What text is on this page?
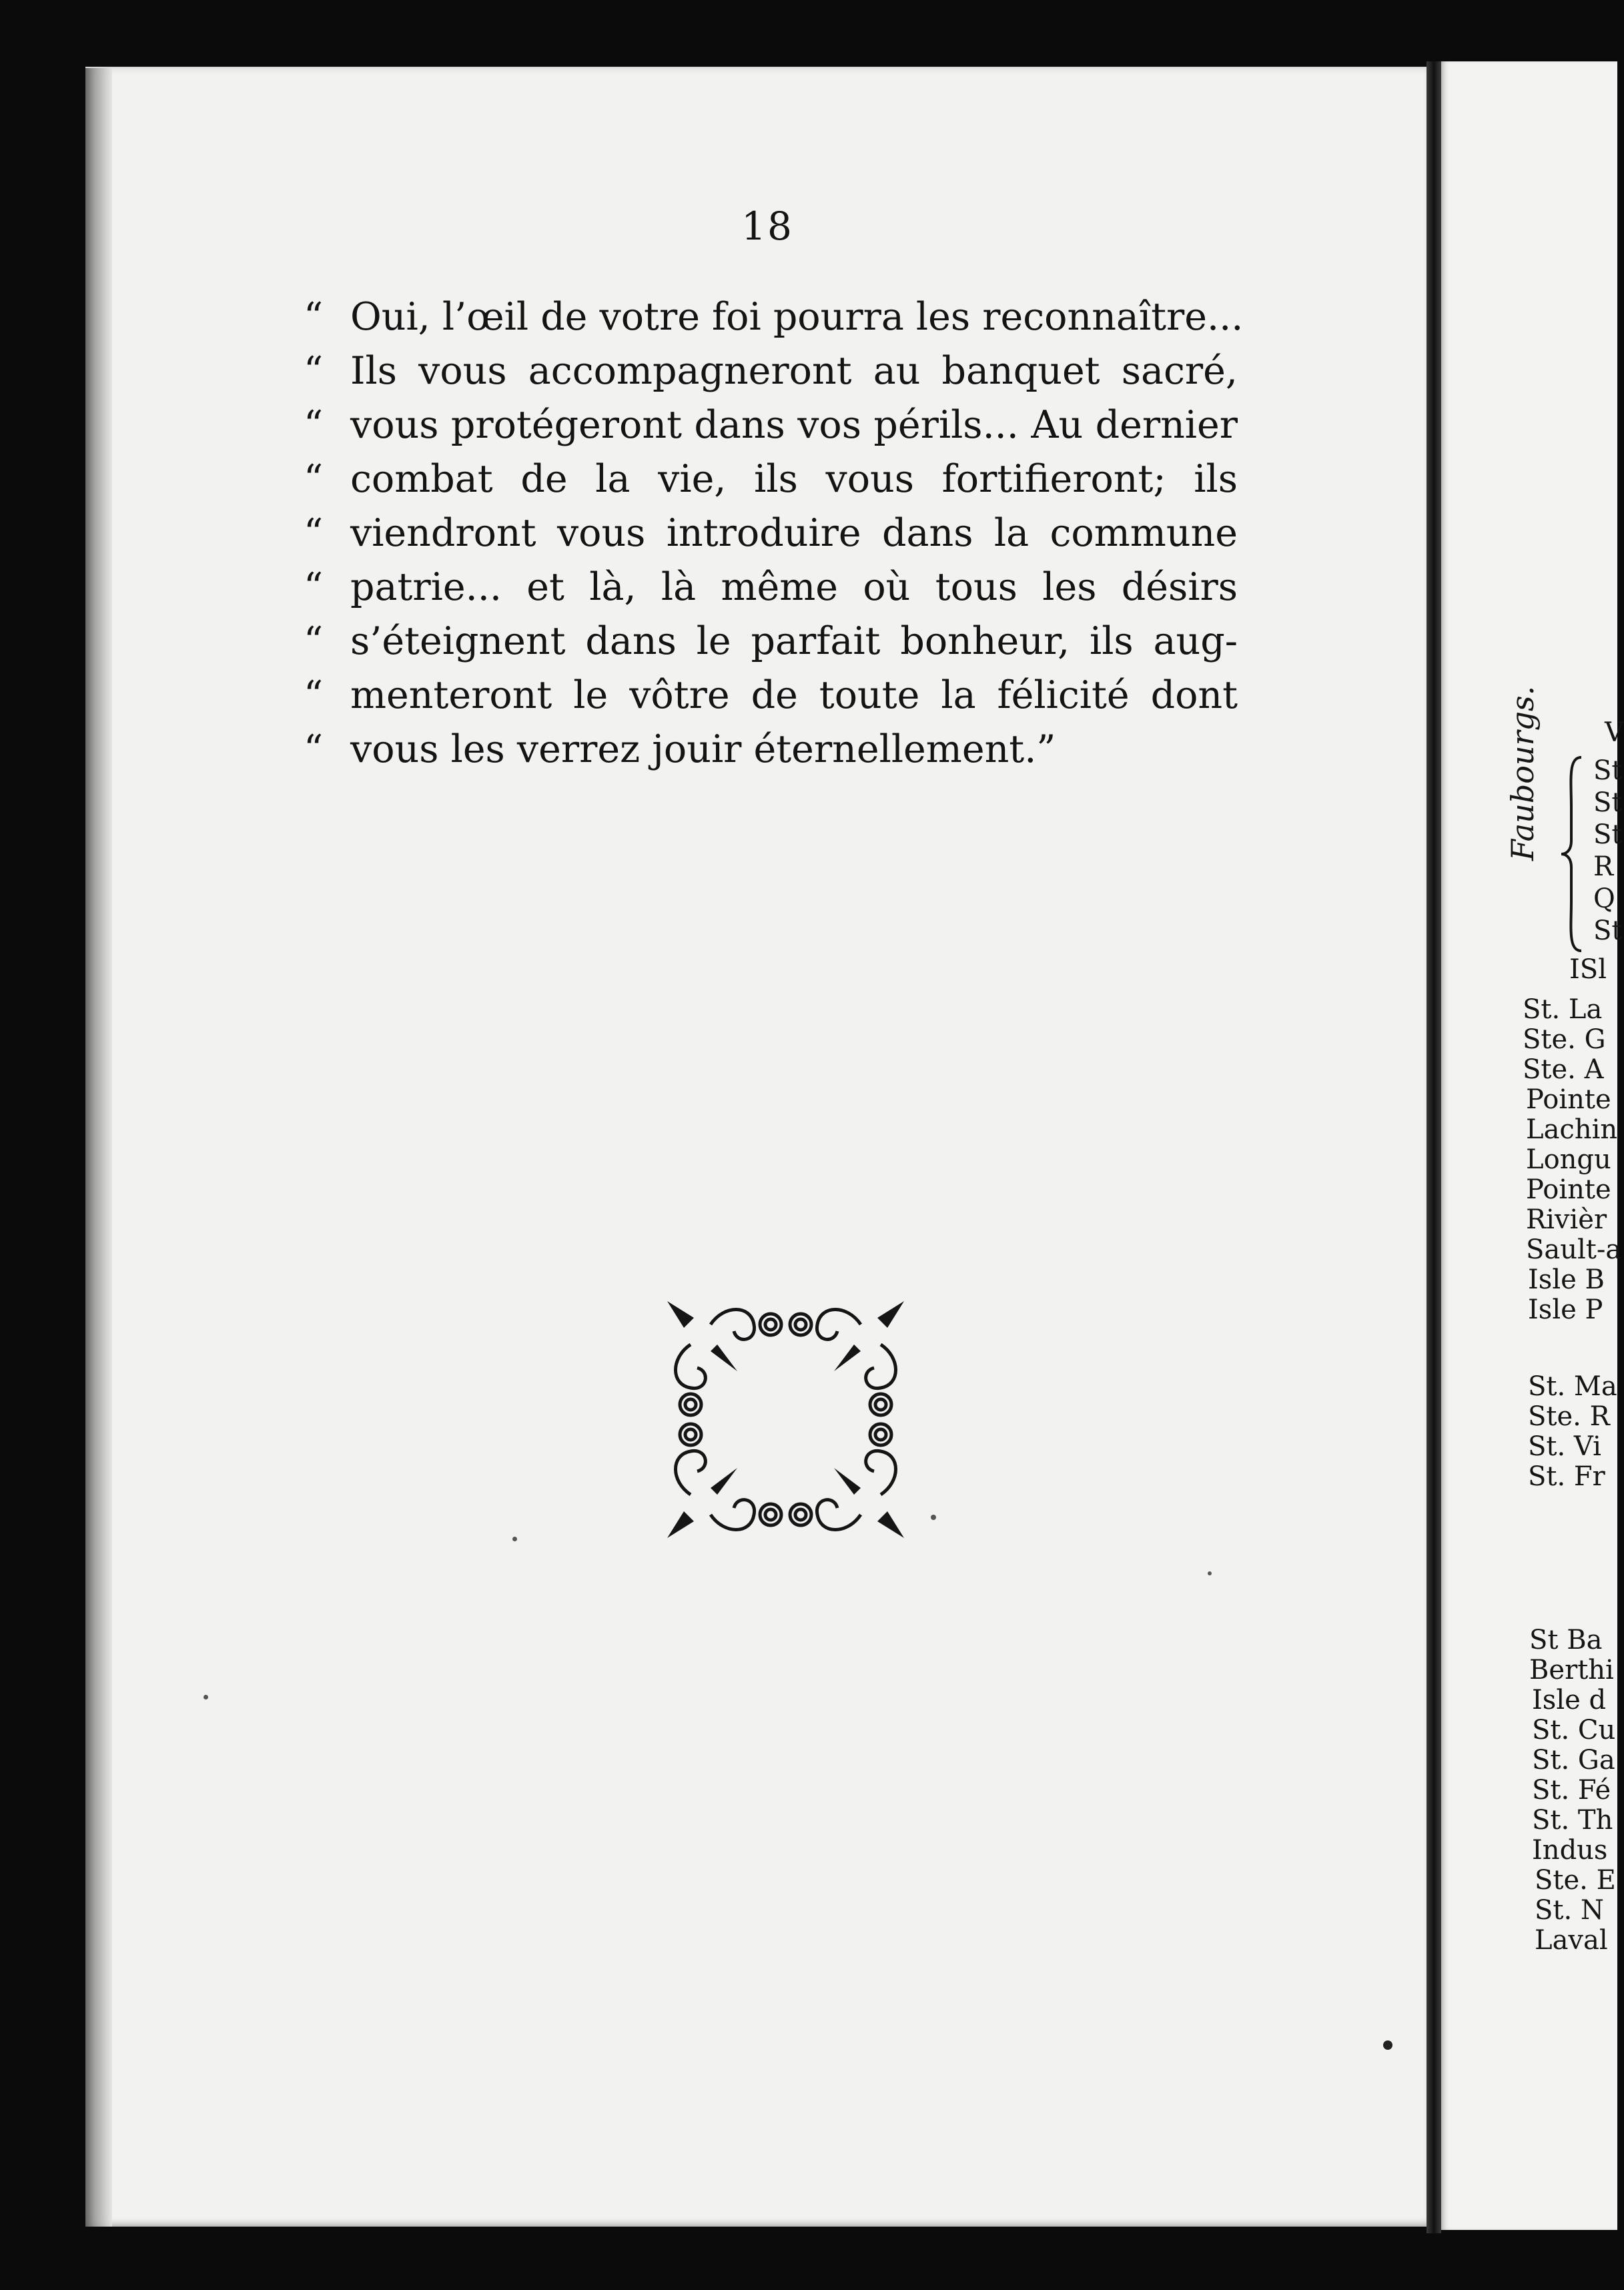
18
“ Oui, l’œil de votre foi pourra les reconnaître...
“ Ils vous accompagneront au banquet sacré,
“ vous protégeront dans vos périls... Au dernier
“ combat de la vie, ils vous fortifieront; ils
“ viendront vous introduire dans la commune
“ patrie... et là, là même où tous les désirs
“ s’éteignent dans le parfait bonheur, ils aug-
“ menteront le vôtre de toute la félicité dont
“ vous les verrez jouir éternellement.”	V
Faubourgs. St
St
St
R
Q
St
ISl
St. La
Ste. G
Ste. A
Pointe
Lachin
Longu
Pointe
Rivièr
Sault-a
Isle B
Isle P
St. Ma
Ste. R
St. Vi
St. Fr
St Ba
Berthi
Isle d
St. Cu
St. Ga
St. Fé
St. Th
Indus
Ste. E
St. N
Laval
